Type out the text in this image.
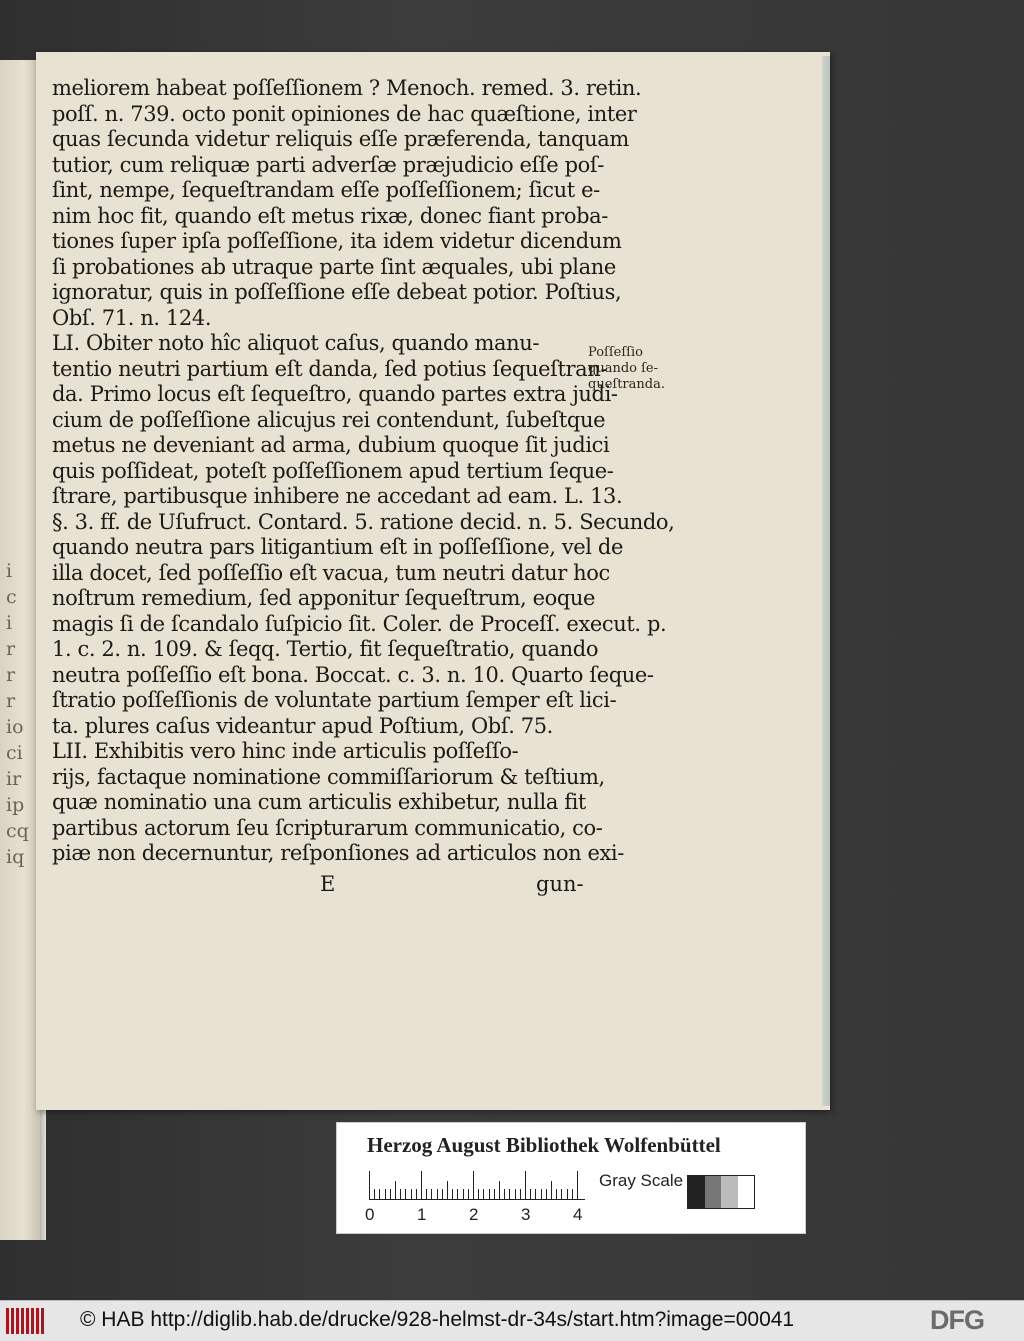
i
c
i
r
r
r
io
ci
ir
ip
cq
iq
meliorem habeat poſſeſſionem ? Menoch. remed. 3. retin.
poſſ. n. 739. octo ponit opiniones de hac quæſtione, inter
quas ſecunda videtur reliquis eſſe præferenda, tanquam
tutior, cum reliquæ parti adverſæ præjudicio eſſe poſ-
ſint, nempe, ſequeſtrandam eſſe poſſeſſionem; ſicut e-
nim hoc fit, quando eſt metus rixæ, donec fiant proba-
tiones ſuper ipſa poſſeſſione, ita idem videtur dicendum
ſi probationes ab utraque parte ſint æquales, ubi plane
ignoratur, quis in poſſeſſione eſſe debeat potior. Poſtius,
Obſ. 71. n. 124.
LI. Obiter noto hîc aliquot caſus, quando manu-
tentio neutri partium eſt danda, ſed potius ſequeſtran-
da. Primo locus eſt ſequeſtro, quando partes extra judi-
cium de poſſeſſione alicujus rei contendunt, ſubeſtque
metus ne deveniant ad arma, dubium quoque ſit judici
quis poſſideat, poteſt poſſeſſionem apud tertium ſeque-
ſtrare, partibusque inhibere ne accedant ad eam. L. 13.
§. 3. ff. de Uſufruct. Contard. 5. ratione decid. n. 5. Secundo,
quando neutra pars litigantium eſt in poſſeſſione, vel de
illa docet, ſed poſſeſſio eſt vacua, tum neutri datur hoc
noſtrum remedium, ſed apponitur ſequeſtrum, eoque
magis ſi de ſcandalo ſuſpicio ſit. Coler. de Proceſſ. execut. p.
1. c. 2. n. 109. & ſeqq. Tertio, fit ſequeſtratio, quando
neutra poſſeſſio eſt bona. Boccat. c. 3. n. 10. Quarto ſeque-
ſtratio poſſeſſionis de voluntate partium ſemper eſt lici-
ta. plures caſus videantur apud Poſtium, Obſ. 75.
LII. Exhibitis vero hinc inde articulis poſſeſſo-
rijs, factaque nominatione commiſſariorum & teſtium,
quæ nominatio una cum articulis exhibetur, nulla fit
partibus actorum ſeu ſcripturarum communicatio, co-
piæ non decernuntur, reſponſiones ad articulos non exi-
E	gun-
Poſſeſſio
quando ſe-
queſtranda.
Herzog August Bibliothek Wolfenbüttel
0	1	2	3	4
Gray Scale
© HAB http://diglib.hab.de/drucke/928-helmst-dr-34s/start.htm?image=00041	DFG
